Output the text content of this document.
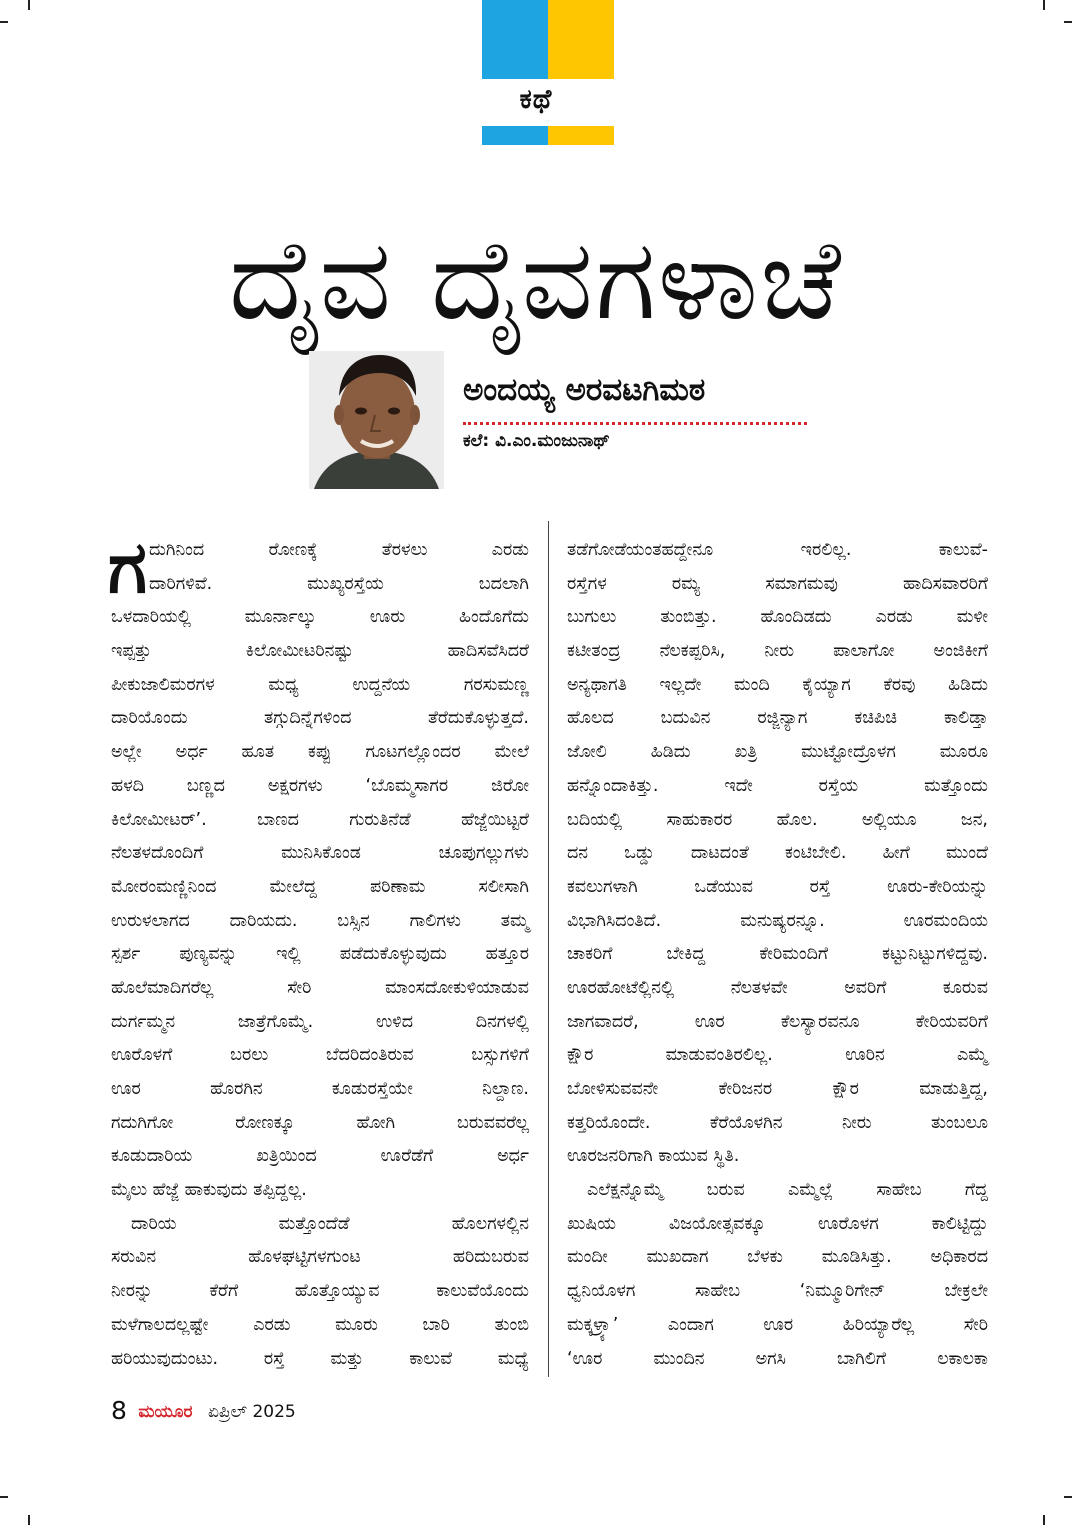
ಕಥೆ
ದೈವ ದೈವಗಳಾಚೆ
ಅಂದಯ್ಯ ಅರವಟಗಿಮಠ
ಕಲೆ: ವಿ.ಎಂ.ಮಂಜುನಾಥ್
ಗ ದುಗಿನಿಂದ ರೋಣಕ್ಕೆ ತೆರಳಲು ಎರಡು
ದಾರಿಗಳಿವೆ. ಮುಖ್ಯರಸ್ತೆಯ ಬದಲಾಗಿ
ಒಳದಾರಿಯಲ್ಲಿ ಮೂರ್ನಾಲ್ಕು ಊರು ಹಿಂದೊಗೆದು
ಇಪ್ಪತ್ತು ಕಿಲೋಮೀಟರಿನಷ್ಟು ಹಾದಿಸವೆಸಿದರೆ
ಪೀಕುಜಾಲಿಮರಗಳ ಮಧ್ಯ ಉದ್ದನೆಯ ಗರಸುಮಣ್ಣ
ದಾರಿಯೊಂದು ತಗ್ಗುದಿನ್ನೆಗಳಿಂದ ತೆರೆದುಕೊಳ್ಳುತ್ತದೆ.
ಅಲ್ಲೇ ಅರ್ಧ ಹೂತ ಕಪ್ಪು ಗೂಟಗಲ್ಲೊಂದರ ಮೇಲೆ
ಹಳದಿ ಬಣ್ಣದ ಅಕ್ಷರಗಳು ‘ಬೊಮ್ಮಸಾಗರ ಜಿರೋ
ಕಿಲೋಮೀಟರ್’. ಬಾಣದ ಗುರುತಿನೆಡೆ ಹೆಜ್ಜೆಯಿಟ್ಟರೆ
ನೆಲತಳದೊಂದಿಗೆ ಮುನಿಸಿಕೊಂಡ ಚೂಪುಗಲ್ಲುಗಳು
ಮೋರಂಮಣ್ಣಿನಿಂದ ಮೇಲೆದ್ದ ಪರಿಣಾಮ ಸಲೀಸಾಗಿ
ಉರುಳಲಾಗದ ದಾರಿಯದು. ಬಸ್ಸಿನ ಗಾಲಿಗಳು ತಮ್ಮ
ಸ್ಪರ್ಶ ಪುಣ್ಯವನ್ನು ಇಲ್ಲಿ ಪಡೆದುಕೊಳ್ಳುವುದು ಹತ್ತೂರ
ಹೊಲೆಮಾದಿಗರೆಲ್ಲ ಸೇರಿ ಮಾಂಸದೋಕುಳಿಯಾಡುವ
ದುರ್ಗಮ್ಮನ ಜಾತ್ರೆಗೊಮ್ಮೆ. ಉಳಿದ ದಿನಗಳಲ್ಲಿ
ಊರೊಳಗೆ ಬರಲು ಬೆದರಿದಂತಿರುವ ಬಸ್ಸುಗಳಿಗೆ
ಊರ ಹೊರಗಿನ ಕೂಡುರಸ್ತೆಯೇ ನಿಲ್ದಾಣ.
ಗದುಗಿಗೋ ರೋಣಕ್ಕೂ ಹೋಗಿ ಬರುವವರೆಲ್ಲ
ಕೂಡುದಾರಿಯ ಖತ್ರಿಯಿಂದ ಊರೆಡೆಗೆ ಅರ್ಧ
ಮೈಲು ಹೆಜ್ಜೆ ಹಾಕುವುದು ತಪ್ಪಿದ್ದಲ್ಲ.
ದಾರಿಯ ಮತ್ತೊಂದೆಡೆ ಹೊಲಗಳಲ್ಲಿನ
ಸರುವಿನ ಹೊಳಘಟ್ಟಿಗಳಗುಂಟ ಹರಿದುಬರುವ
ನೀರನ್ನು ಕೆರೆಗೆ ಹೊತ್ತೊಯ್ಯುವ ಕಾಲುವೆಯೊಂದು
ಮಳೆಗಾಲದಲ್ಲಷ್ಟೇ ಎರಡು ಮೂರು ಬಾರಿ ತುಂಬಿ
ಹರಿಯುವುದುಂಟು. ರಸ್ತೆ ಮತ್ತು ಕಾಲುವೆ ಮಧ್ಯೆ
ತಡೆಗೋಡೆಯಂತಹದ್ದೇನೂ ಇರಲಿಲ್ಲ. ಕಾಲುವೆ-
ರಸ್ತೆಗಳ ರಮ್ಯ ಸಮಾಗಮವು ಹಾದಿಸವಾರರಿಗೆ
ಬುಗುಲು ತುಂಬಿತ್ತು. ಹೊಂದಿಡದು ಎರಡು ಮಳೀ
ಕಟೀತಂದ್ರ ನೆಲಕಪ್ಪರಿಸಿ, ನೀರು ಪಾಲಾಗೋ ಅಂಜಿಕೀಗೆ
ಅನ್ಯಥಾಗತಿ ಇಲ್ಲದೇ ಮಂದಿ ಕೈಯ್ಯಾಗ ಕೆರವು ಹಿಡಿದು
ಹೊಲದ ಬದುವಿನ ರಜ್ಜಿನ್ಯಾಗ ಕಚಿಪಿಚಿ ಕಾಲಿಡ್ತಾ
ಜೋಲಿ ಹಿಡಿದು ಖತ್ರಿ ಮುಟ್ಟೋದ್ರೊಳಗ ಮೂರೂ
ಹನ್ನೊಂದಾಕಿತ್ತು. ಇದೇ ರಸ್ತೆಯ ಮತ್ತೊಂದು
ಬದಿಯಲ್ಲಿ ಸಾಹುಕಾರರ ಹೊಲ. ಅಲ್ಲಿಯೂ ಜನ,
ದನ ಒಡ್ಡು ದಾಟದಂತೆ ಕಂಟಿಬೇಲಿ. ಹೀಗೆ ಮುಂದೆ
ಕವಲುಗಳಾಗಿ ಒಡೆಯುವ ರಸ್ತೆ ಊರು-ಕೇರಿಯನ್ನು
ವಿಭಾಗಿಸಿದಂತಿದೆ. ಮನುಷ್ಯರನ್ನೂ. ಊರಮಂದಿಯ
ಚಾಕರಿಗೆ ಬೇಕಿದ್ದ ಕೇರಿಮಂದಿಗೆ ಕಟ್ಟುನಿಟ್ಟುಗಳಿದ್ದವು.
ಊರಹೋಟೆಲ್ಲಿನಲ್ಲಿ ನೆಲತಳವೇ ಅವರಿಗೆ ಕೂರುವ
ಜಾಗವಾದರೆ, ಊರ ಕೆಲಸ್ಯಾರವನೂ ಕೇರಿಯವರಿಗೆ
ಕ್ಷೌರ ಮಾಡುವಂತಿರಲಿಲ್ಲ. ಊರಿನ ಎಮ್ಮೆ
ಬೋಳಿಸುವವನೇ ಕೇರಿಜನರ ಕ್ಷೌರ ಮಾಡುತ್ತಿದ್ದ,
ಕತ್ತರಿಯೊಂದೇ. ಕೆರೆಯೊಳಗಿನ ನೀರು ತುಂಬಲೂ
ಊರಜನರಿಗಾಗಿ ಕಾಯುವ ಸ್ಥಿತಿ.
ಎಲೆಕ್ಷನ್ನೊಮ್ಮೆ ಬರುವ ಎಮ್ಮೆಲ್ಲೆ ಸಾಹೇಬ ಗೆದ್ದ
ಖುಷಿಯ ವಿಜಯೋತ್ಸವಕ್ಕೂ ಊರೊಳಗ ಕಾಲಿಟ್ಟಿದ್ದು
ಮಂದೀ ಮುಖದಾಗ ಬೆಳಕು ಮೂಡಿಸಿತ್ತು. ಅಧಿಕಾರದ
ಧ್ವನಿಯೊಳಗ ಸಾಹೇಬ ‘ನಿಮ್ಮೂರಿಗೇನ್ ಬೇಕ್ರಲೇ
ಮಕ್ಕಳ್ರ್ಯಾ’ ಎಂದಾಗ ಊರ ಹಿರಿಯ್ಯಾರೆಲ್ಲ ಸೇರಿ
‘ಊರ ಮುಂದಿನ ಅಗಸಿ ಬಾಗಿಲಿಗೆ ಲಕಾಲಕಾ
8 ಮಯೂರ ಏಪ್ರಿಲ್ 2025
